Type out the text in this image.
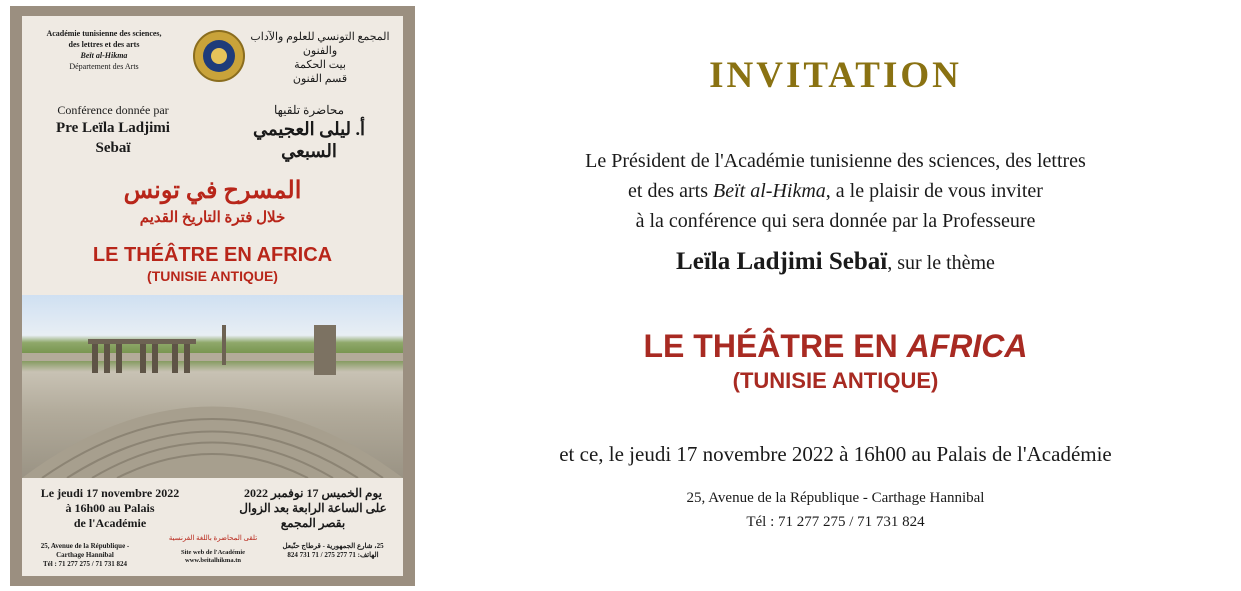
Académie tunisienne des sciences,
des lettres et des arts
Beït al-Hikma
Département des Arts
المجمع التونسي للعلوم والآداب والفنون
بيت الحكمة
قسم الفنون
Conférence donnée par
Pre Leïla Ladjimi
Sebaï
محاضرة تلقيها
أ. ليلى العجيمي
السبعي
المسرح في تونس
خلال فترة التاريخ القديم
LE THÉÂTRE EN AFRICA
(TUNISIE ANTIQUE)
Le jeudi 17 novembre 2022
à 16h00 au Palais
de l'Académie
يوم الخميس 17 نوفمبر 2022
على الساعة الرابعة بعد الزوال
بقصر المجمع
تلقى المحاضرة باللغة الفرنسية
25, Avenue de la République -
Carthage Hannibal
Tél : 71 277 275 / 71 731 824
Site web de l'Académie
www.beitalhikma.tn
25، شارع الجمهورية - قرطاج حنّبعل
الهاتف: 71 277 275 / 71 731 824
INVITATION
Le Président de l'Académie tunisienne des sciences, des lettres
et des arts Beït al-Hikma, a le plaisir de vous inviter
à la conférence qui sera donnée par la Professeure
Leïla Ladjimi Sebaï, sur le thème
LE THÉÂTRE EN AFRICA
(TUNISIE ANTIQUE)
et ce, le jeudi 17 novembre 2022 à 16h00 au Palais de l'Académie
25, Avenue de la République - Carthage Hannibal
Tél : 71 277 275 / 71 731 824
